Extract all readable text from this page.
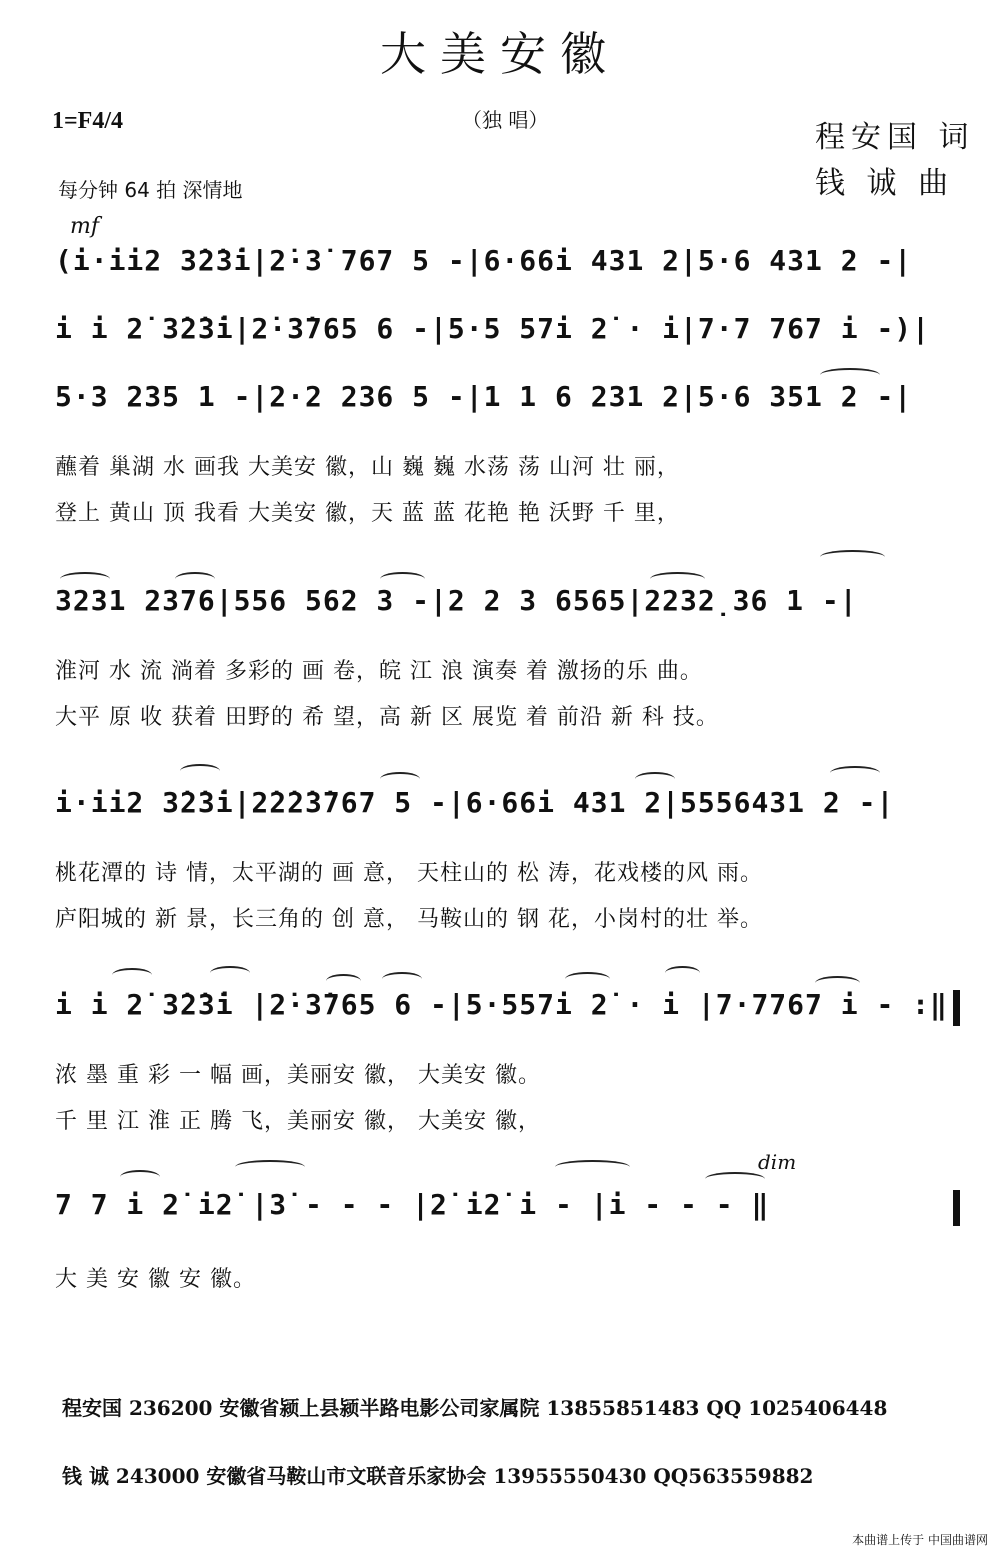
大美安徽
1=F4/4	（独 唱）	程安国 词
钱 诚 曲
每分钟 64 拍 深情地
mf
dim
(i·ii2 3̇2̇3̇i|2̇·3̇ 767 5 -|6·66i 431 2|5·6 431 2 -|
i i 2̇ 3̇2̇3̇i|2̇·3̇765 6 -|5·5 57i 2̇ · i|7·7 767 i -)|
5·3 235 1 -|2·2 236 5 -|1 1 6 231 2|5·6 351 2 -|
3231 2376|556 562 3 -|2 2 3 6565|2232̣36 1 -|
i·ii2 3̇2̇3̇i|2̇2̇2̇3̇767 5 -|6·66i 431 2|5556431 2 -|
i i 2̇ 3̇2̇3̇i |2̇·3̇765 6 -|5·557i 2̇ · i |7·7767 i - :‖
7 7 i 2̇ i2̇ |3̇ - - - |2̇ i2̇ i - |i - - - ‖
蘸着 巢湖 水 画我 大美安 徽，山 巍 巍 水荡 荡 山河 壮 丽，
登上 黄山 顶 我看 大美安 徽，天 蓝 蓝 花艳 艳 沃野 千 里，
淮河 水 流 淌着 多彩的 画 卷，皖 江 浪 演奏 着 激扬的乐 曲。
大平 原 收 获着 田野的 希 望，高 新 区 展览 着 前沿 新 科 技。
桃花潭的 诗 情，太平湖的 画 意， 天柱山的 松 涛，花戏楼的风 雨。
庐阳城的 新 景，长三角的 创 意， 马鞍山的 钢 花，小岗村的壮 举。
浓 墨 重 彩 一 幅 画，美丽安 徽， 大美安 徽。
千 里 江 淮 正 腾 飞，美丽安 徽， 大美安 徽，
大 美 安 徽 安 徽。
程安国 236200 安徽省颍上县颍半路电影公司家属院 13855851483 QQ 1025406448
钱 诚 243000 安徽省马鞍山市文联音乐家协会 13955550430 QQ563559882
本曲谱上传于 中国曲谱网
